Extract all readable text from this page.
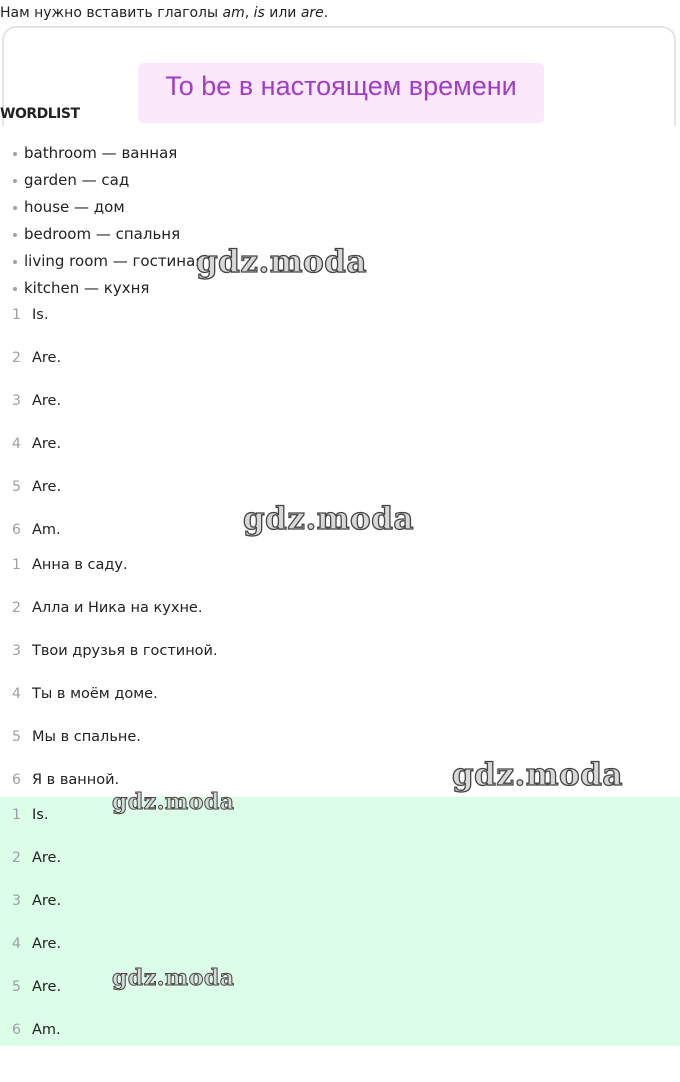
Нам нужно вставить глаголы am, is или are.
To be в настоящем времени
WORDLIST
bathroom — ванная
garden — сад
house — дом
bedroom — спальня
living room — гостиная
kitchen — кухня
1 Is.
2 Are.
3 Are.
4 Are.
5 Are.
6 Am.
1 Анна в саду.
2 Алла и Ника на кухне.
3 Твои друзья в гостиной.
4 Ты в моём доме.
5 Мы в спальне.
6 Я в ванной.
1 Is.
2 Are.
3 Are.
4 Are.
5 Are.
6 Am.
gdz.moda
gdz.moda
gdz.moda
gdz.moda
gdz.moda
